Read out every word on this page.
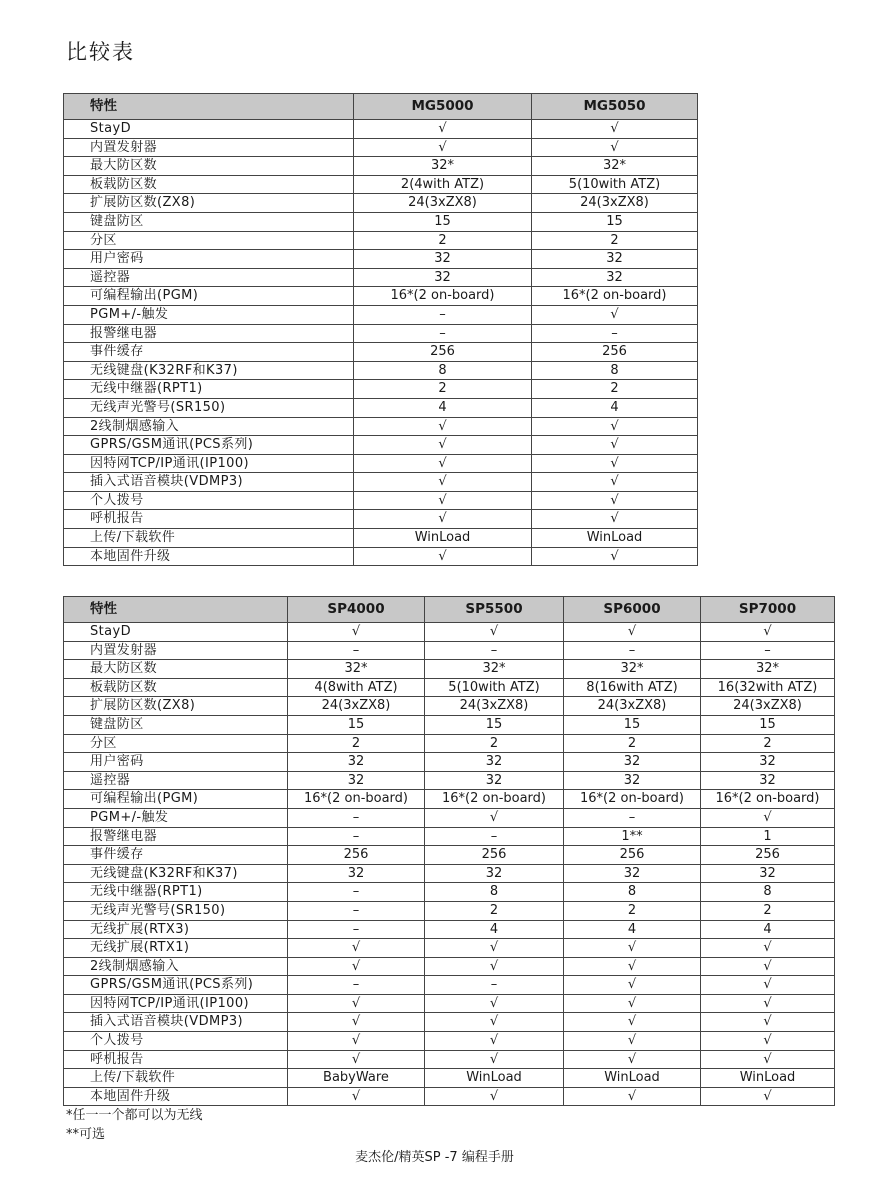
比较表
特性	MG5000	MG5050
StayD	√	√
内置发射器	√	√
最大防区数	32*	32*
板载防区数	2(4with ATZ)	5(10with ATZ)
扩展防区数(ZX8)	24(3xZX8)	24(3xZX8)
键盘防区	15	15
分区	2	2
用户密码	32	32
遥控器	32	32
可编程输出(PGM)	16*(2 on-board)	16*(2 on-board)
PGM+/-触发	–	√
报警继电器	–	–
事件缓存	256	256
无线键盘(K32RF和K37)	8	8
无线中继器(RPT1)	2	2
无线声光警号(SR150)	4	4
2线制烟感输入	√	√
GPRS/GSM通讯(PCS系列)	√	√
因特网TCP/IP通讯(IP100)	√	√
插入式语音模块(VDMP3)	√	√
个人拨号	√	√
呼机报告	√	√
上传/下载软件	WinLoad	WinLoad
本地固件升级	√	√
特性	SP4000	SP5500	SP6000	SP7000
StayD	√	√	√	√
内置发射器	–	–	–	–
最大防区数	32*	32*	32*	32*
板载防区数	4(8with ATZ)	5(10with ATZ)	8(16with ATZ)	16(32with ATZ)
扩展防区数(ZX8)	24(3xZX8)	24(3xZX8)	24(3xZX8)	24(3xZX8)
键盘防区	15	15	15	15
分区	2	2	2	2
用户密码	32	32	32	32
遥控器	32	32	32	32
可编程输出(PGM)	16*(2 on-board)	16*(2 on-board)	16*(2 on-board)	16*(2 on-board)
PGM+/-触发	–	√	–	√
报警继电器	–	–	1**	1
事件缓存	256	256	256	256
无线键盘(K32RF和K37)	32	32	32	32
无线中继器(RPT1)	–	8	8	8
无线声光警号(SR150)	–	2	2	2
无线扩展(RTX3)	–	4	4	4
无线扩展(RTX1)	√	√	√	√
2线制烟感输入	√	√	√	√
GPRS/GSM通讯(PCS系列)	–	–	√	√
因特网TCP/IP通讯(IP100)	√	√	√	√
插入式语音模块(VDMP3)	√	√	√	√
个人拨号	√	√	√	√
呼机报告	√	√	√	√
上传/下载软件	BabyWare	WinLoad	WinLoad	WinLoad
本地固件升级	√	√	√	√
*任一一个都可以为无线
**可选
麦杰伦/精英SP -7 编程手册
